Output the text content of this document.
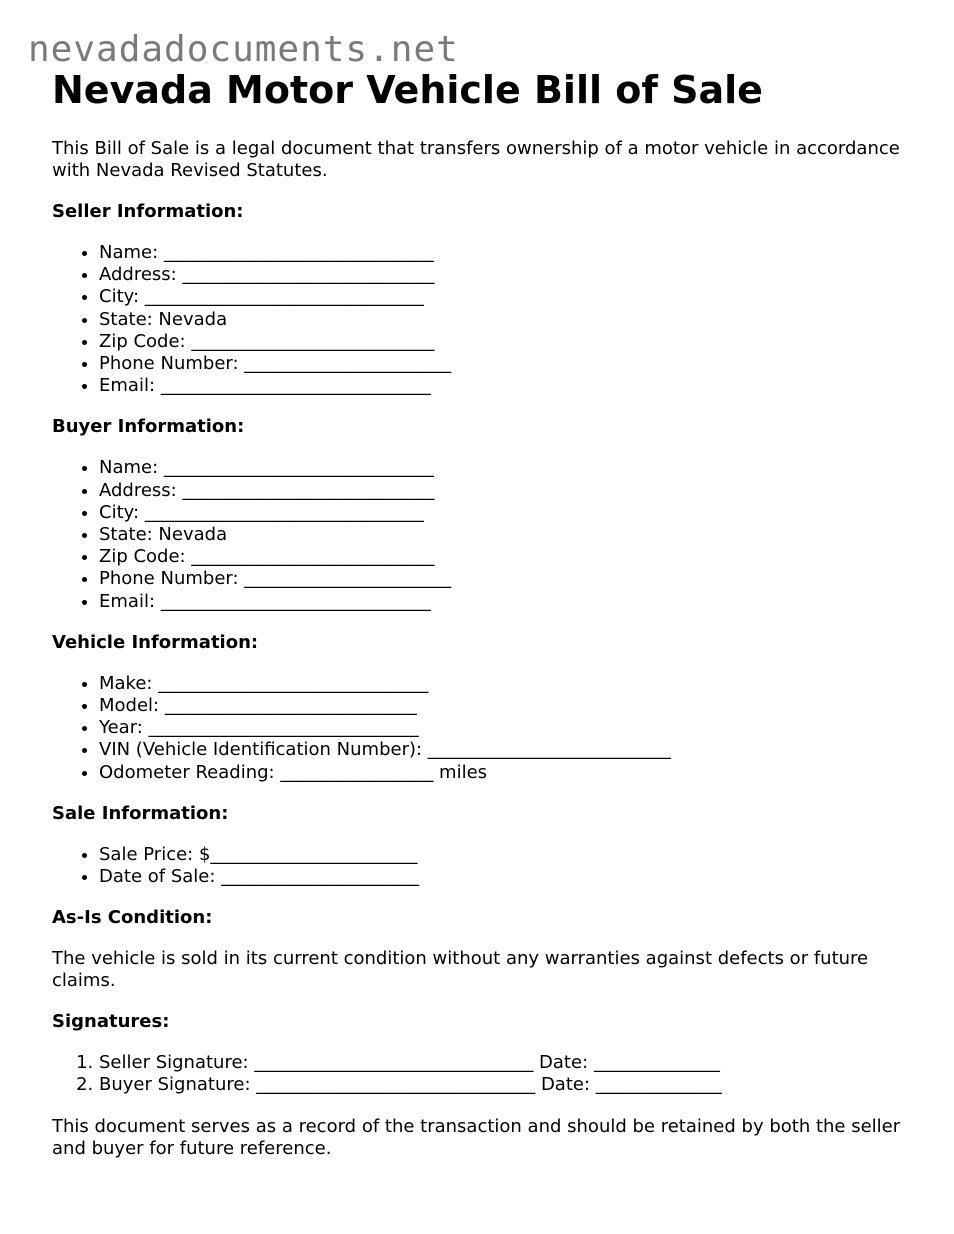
nevadadocuments.net
Nevada Motor Vehicle Bill of Sale

This Bill of Sale is a legal document that transfers ownership of a motor vehicle in accordance with Nevada Revised Statutes.

Seller Information:
• Name: ______________________________
• Address: ____________________________
• City: _______________________________
• State: Nevada
• Zip Code: ___________________________
• Phone Number: _______________________
• Email: ______________________________
Buyer Information:
• Name: ______________________________
• Address: ____________________________
• City: _______________________________
• State: Nevada
• Zip Code: ___________________________
• Phone Number: _______________________
• Email: ______________________________
Vehicle Information:
• Make: ______________________________
• Model: ____________________________
• Year: ______________________________
• VIN (Vehicle Identification Number): ___________________________
• Odometer Reading: _________________ miles
Sale Information:
• Sale Price: $_______________________
• Date of Sale: ______________________
As-Is Condition:

The vehicle is sold in its current condition without any warranties against defects or future claims.

Signatures:
1. Seller Signature: _______________________________ Date: ______________
2. Buyer Signature: _______________________________ Date: ______________

This document serves as a record of the transaction and should be retained by both the seller and buyer for future reference.
